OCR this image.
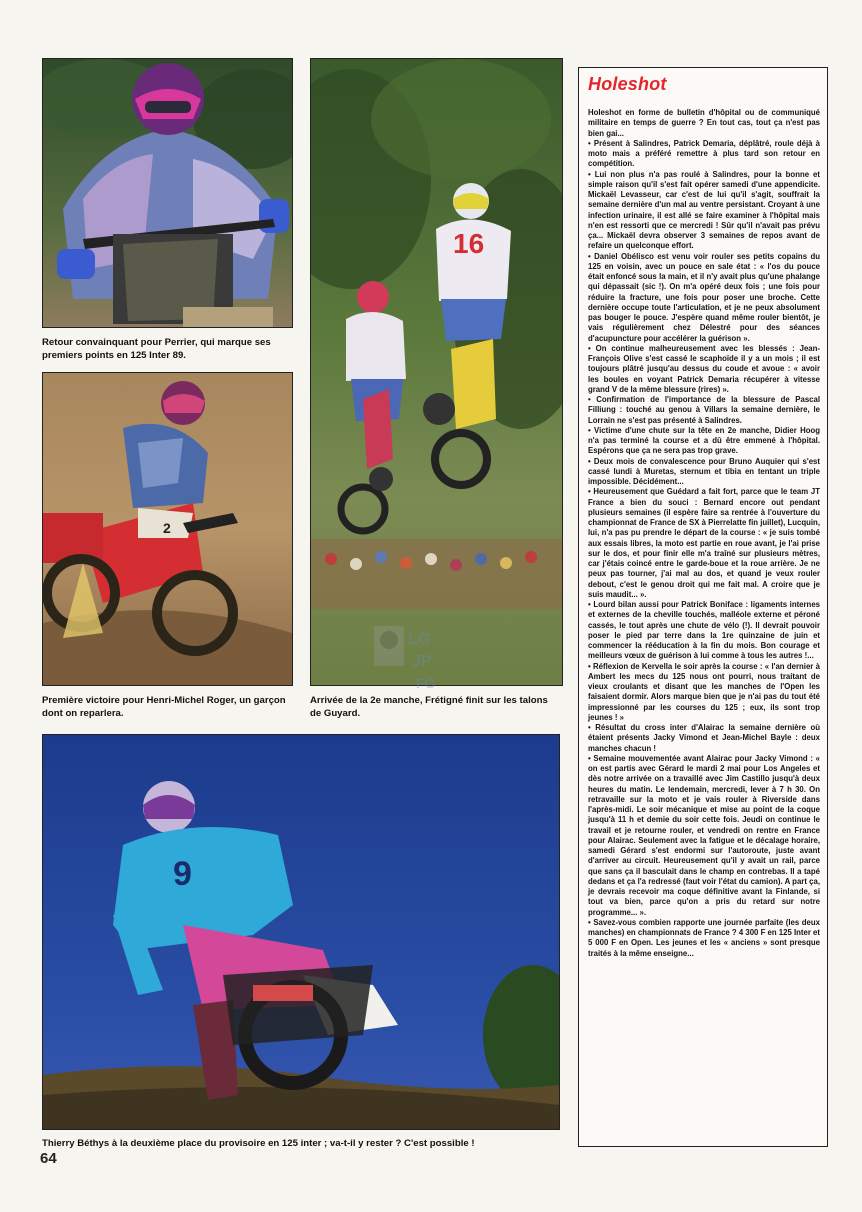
Retour convainquant pour Perrier, qui marque ses premiers points en 125 Inter 89.
2
Première victoire pour Henri-Michel Roger, un garçon dont on reparlera.
16
Arrivée de la 2e manche, Frétigné finit sur les talons de Guyard.
LG
JP
FG
9
Thierry Béthys à la deuxième place du provisoire en 125 inter ; va-t-il y rester ? C'est possible !
64
Holeshot

Holeshot en forme de bulletin d'hôpital ou de communiqué militaire en temps de guerre ? En tout cas, tout ça n'est pas bien gai...

• Présent à Salindres, Patrick Demaria, déplâtré, roule déjà à moto mais a préféré remettre à plus tard son retour en compétition.

• Lui non plus n'a pas roulé à Salindres, pour la bonne et simple raison qu'il s'est fait opérer samedi d'une appendicite. Mickaël Levasseur, car c'est de lui qu'il s'agit, souffrait la semaine dernière d'un mal au ventre persistant. Croyant à une infection urinaire, il est allé se faire examiner à l'hôpital mais n'en est ressorti que ce mercredi ! Sûr qu'il n'avait pas prévu ça... Mickaël devra observer 3 semaines de repos avant de refaire un quelconque effort.

• Daniel Obélisco est venu voir rouler ses petits copains du 125 en voisin, avec un pouce en sale état : « l'os du pouce était enfoncé sous la main, et il n'y avait plus qu'une phalange qui dépassait (sic !). On m'a opéré deux fois ; une fois pour réduire la fracture, une fois pour poser une broche. Cette dernière occupe toute l'articulation, et je ne peux absolument pas bouger le pouce. J'espère quand même rouler bientôt, je vais régulièrement chez Délestré pour des séances d'acupuncture pour accélérer la guérison ».

• On continue malheureusement avec les blessés : Jean-François Olive s'est cassé le scaphoïde il y a un mois ; il est toujours plâtré jusqu'au dessus du coude et avoue : « avoir les boules en voyant Patrick Demaria récupérer à vitesse grand V de la même blessure (rires) ».

• Confirmation de l'importance de la blessure de Pascal Filliung : touché au genou à Villars la semaine dernière, le Lorrain ne s'est pas présenté à Salindres.

• Victime d'une chute sur la tête en 2e manche, Didier Hoog n'a pas terminé la course et a dû être emmené à l'hôpital. Espérons que ça ne sera pas trop grave.

• Deux mois de convalescence pour Bruno Auquier qui s'est cassé lundi à Muretas, sternum et tibia en tentant un triple impossible. Décidément...

• Heureusement que Guédard a fait fort, parce que le team JT France a bien du souci : Bernard encore out pendant plusieurs semaines (il espère faire sa rentrée à l'ouverture du championnat de France de SX à Pierrelatte fin juillet), Lucquin, lui, n'a pas pu prendre le départ de la course : « je suis tombé aux essais libres, la moto est partie en roue avant, je l'ai prise sur le dos, et pour finir elle m'a traîné sur plusieurs mètres, car j'étais coincé entre le garde-boue et la roue arrière. Je ne peux pas tourner, j'ai mal au dos, et quand je veux rouler debout, c'est le genou droit qui me fait mal. A croire que je suis maudit... ».

• Lourd bilan aussi pour Patrick Boniface : ligaments internes et externes de la cheville touchés, malléole externe et péroné cassés, le tout après une chute de vélo (!). Il devrait pouvoir poser le pied par terre dans la 1re quinzaine de juin et commencer la rééducation à la fin du mois. Bon courage et meilleurs vœux de guérison à lui comme à tous les autres !...

• Réflexion de Kervella le soir après la course : « l'an dernier à Ambert les mecs du 125 nous ont pourri, nous traitant de vieux croulants et disant que les manches de l'Open les faisaient dormir. Alors marque bien que je n'ai pas du tout été impressionné par les courses du 125 ; eux, ils sont trop jeunes ! »

• Résultat du cross inter d'Alairac la semaine dernière où étaient présents Jacky Vimond et Jean-Michel Bayle : deux manches chacun !

• Semaine mouvementée avant Alairac pour Jacky Vimond : « on est partis avec Gérard le mardi 2 mai pour Los Angeles et dès notre arrivée on a travaillé avec Jim Castillo jusqu'à deux heures du matin. Le lendemain, mercredi, lever à 7 h 30. On retravaille sur la moto et je vais rouler à Riverside dans l'après-midi. Le soir mécanique et mise au point de la coque jusqu'à 11 h et demie du soir cette fois. Jeudi on continue le travail et je retourne rouler, et vendredi on rentre en France pour Alairac. Seulement avec la fatigue et le décalage horaire, samedi Gérard s'est endormi sur l'autoroute, juste avant d'arriver au circuit. Heureusement qu'il y avait un rail, parce que sans ça il basculait dans le champ en contrebas. Il a tapé dedans et ça l'a redressé (faut voir l'état du camion). A part ça, je devrais recevoir ma coque définitive avant la Finlande, si tout va bien, parce qu'on a pris du retard sur notre programme... ».

• Savez-vous combien rapporte une journée parfaite (les deux manches) en championnats de France ? 4 300 F en 125 Inter et 5 000 F en Open. Les jeunes et les « anciens » sont presque traités à la même enseigne...
